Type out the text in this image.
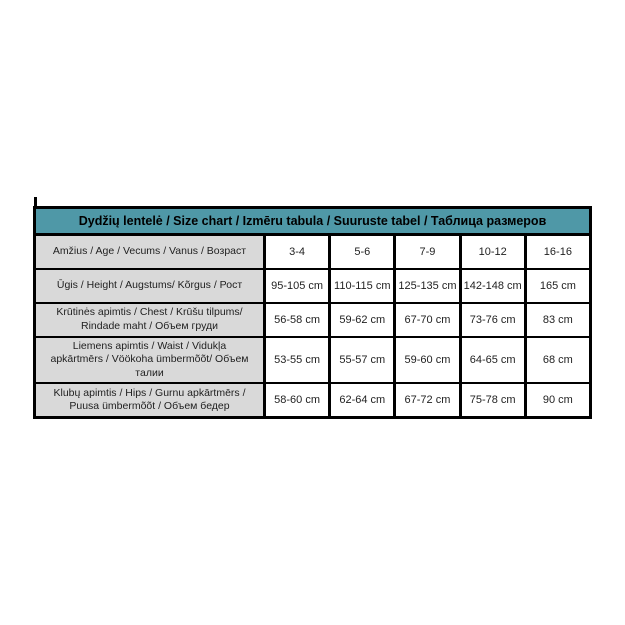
Dydžių lentelė / Size chart / Izmēru tabula / Suuruste tabel / Таблица размеров					
Amžius / Age / Vecums / Vanus / Возраст	3-4	5-6	7-9	10-12	16-16
Ūgis / Height / Augstums/ Kõrgus / Рост	95-105 cm	110-115 cm	125-135 cm	142-148 cm	165 cm
Krūtinės apimtis / Chest / Krūšu tilpums/ Rindade maht / Объем груди	56-58 cm	59-62 cm	67-70 cm	73-76 cm	83 cm
Liemens apimtis / Waist / Vidukļa apkārtmērs / Vöökoha ümbermõõt/ Объем талии	53-55 cm	55-57 cm	59-60 cm	64-65 cm	68 cm
Klubų apimtis / Hips / Gurnu apkārtmērs / Puusa ümbermõõt / Объем бедер	58-60 cm	62-64 cm	67-72 cm	75-78 cm	90 cm
